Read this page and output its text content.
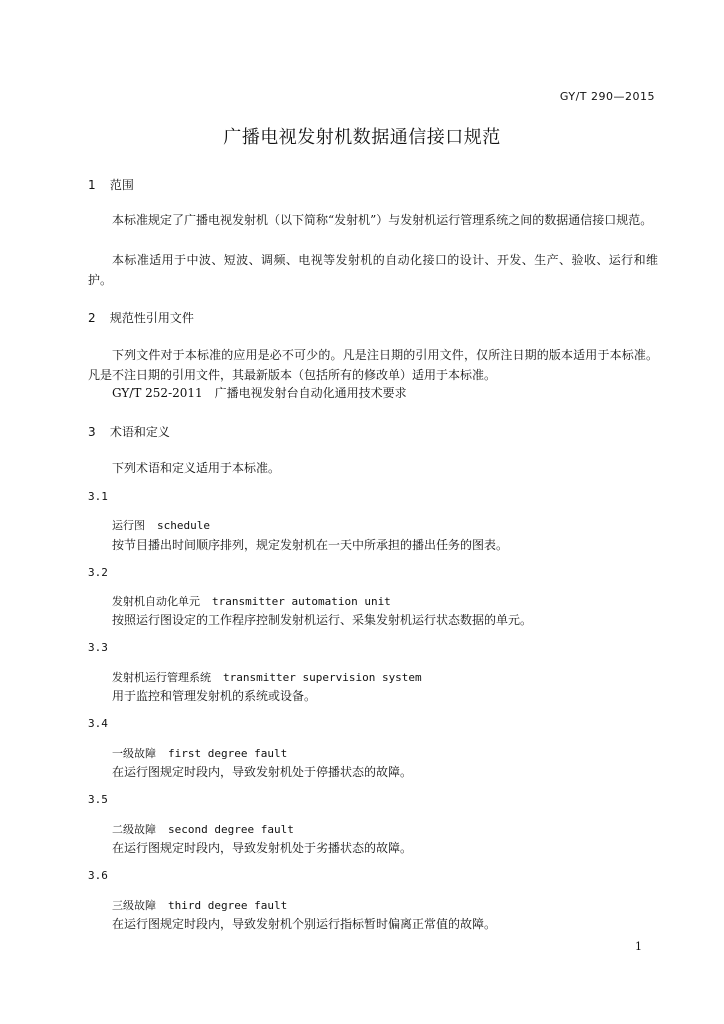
GY/T 290—2015
广播电视发射机数据通信接口规范
1 范围

本标准规定了广播电视发射机（以下简称“发射机”）与发射机运行管理系统之间的数据通信接口规范。

本标准适用于中波、短波、调频、电视等发射机的自动化接口的设计、开发、生产、验收、运行和维护。

2 规范性引用文件

下列文件对于本标准的应用是必不可少的。凡是注日期的引用文件，仅所注日期的版本适用于本标准。凡是不注日期的引用文件，其最新版本（包括所有的修改单）适用于本标准。

GY/T 252-2011　广播电视发射台自动化通用技术要求
3 术语和定义
下列术语和定义适用于本标准。
3.1
运行图 schedule
按节目播出时间顺序排列，规定发射机在一天中所承担的播出任务的图表。
3.2
发射机自动化单元 transmitter automation unit
按照运行图设定的工作程序控制发射机运行、采集发射机运行状态数据的单元。
3.3
发射机运行管理系统 transmitter supervision system
用于监控和管理发射机的系统或设备。
3.4
一级故障 first degree fault
在运行图规定时段内，导致发射机处于停播状态的故障。
3.5
二级故障 second degree fault
在运行图规定时段内，导致发射机处于劣播状态的故障。
3.6
三级故障 third degree fault
在运行图规定时段内，导致发射机个别运行指标暂时偏离正常值的故障。
1
